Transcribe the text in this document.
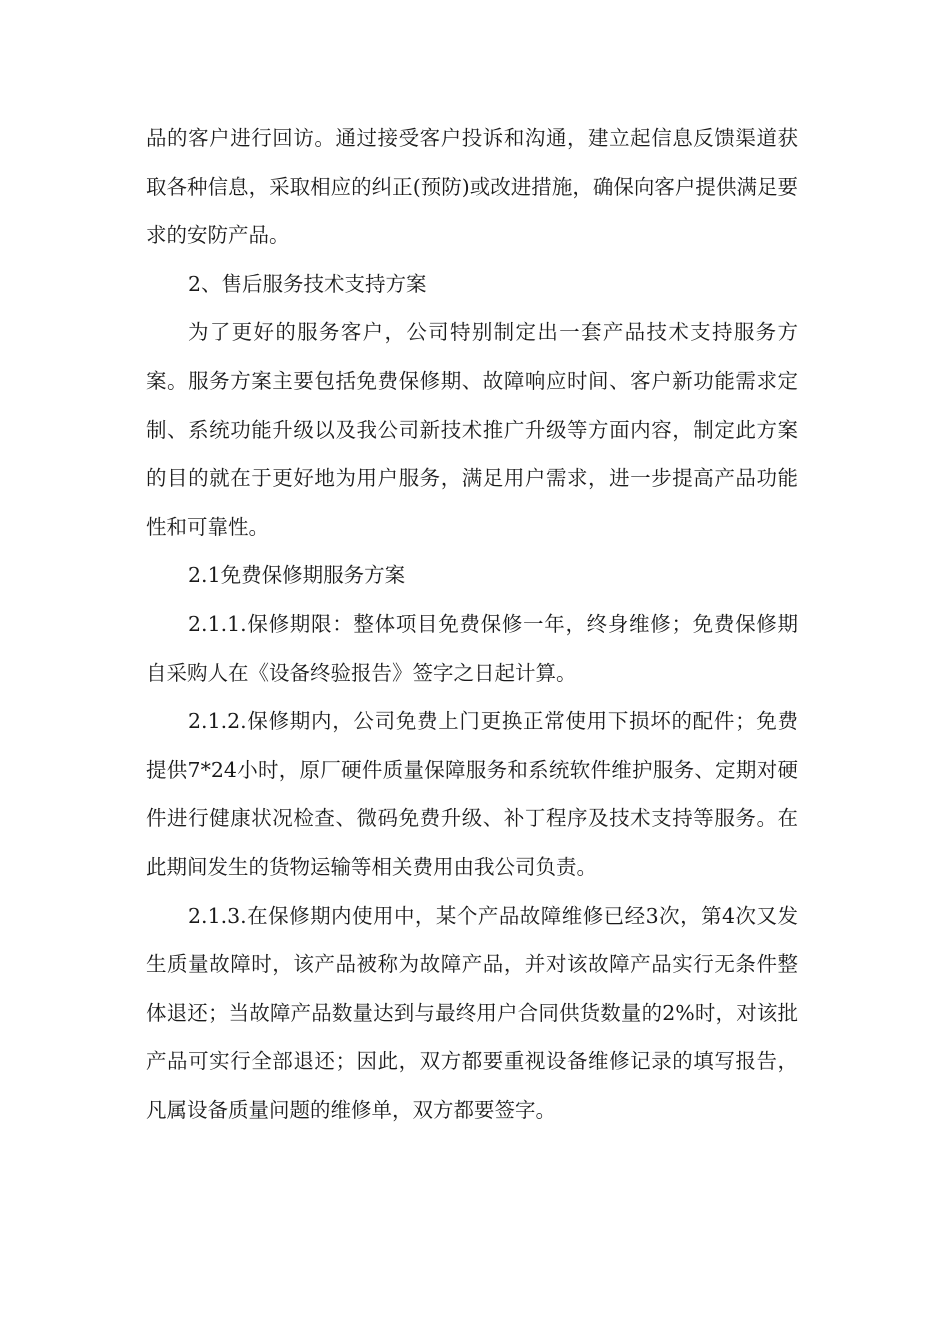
品的客户进行回访。通过接受客户投诉和沟通，建立起信息反馈渠道获取各种信息，采取相应的纠正(预防)或改进措施，确保向客户提供满足要求的安防产品。

2、售后服务技术支持方案

为了更好的服务客户，公司特别制定出一套产品技术支持服务方案。服务方案主要包括免费保修期、故障响应时间、客户新功能需求定制、系统功能升级以及我公司新技术推广升级等方面内容，制定此方案的目的就在于更好地为用户服务，满足用户需求，进一步提高产品功能性和可靠性。

2.1免费保修期服务方案

2.1.1.保修期限：整体项目免费保修一年，终身维修；免费保修期自采购人在《设备终验报告》签字之日起计算。

2.1.2.保修期内，公司免费上门更换正常使用下损坏的配件；免费提供7*24小时，原厂硬件质量保障服务和系统软件维护服务、定期对硬件进行健康状况检查、微码免费升级、补丁程序及技术支持等服务。在此期间发生的货物运输等相关费用由我公司负责。

2.1.3.在保修期内使用中，某个产品故障维修已经3次，第4次又发生质量故障时，该产品被称为故障产品，并对该故障产品实行无条件整体退还；当故障产品数量达到与最终用户合同供货数量的2%时，对该批产品可实行全部退还；因此，双方都要重视设备维修记录的填写报告，凡属设备质量问题的维修单，双方都要签字。
